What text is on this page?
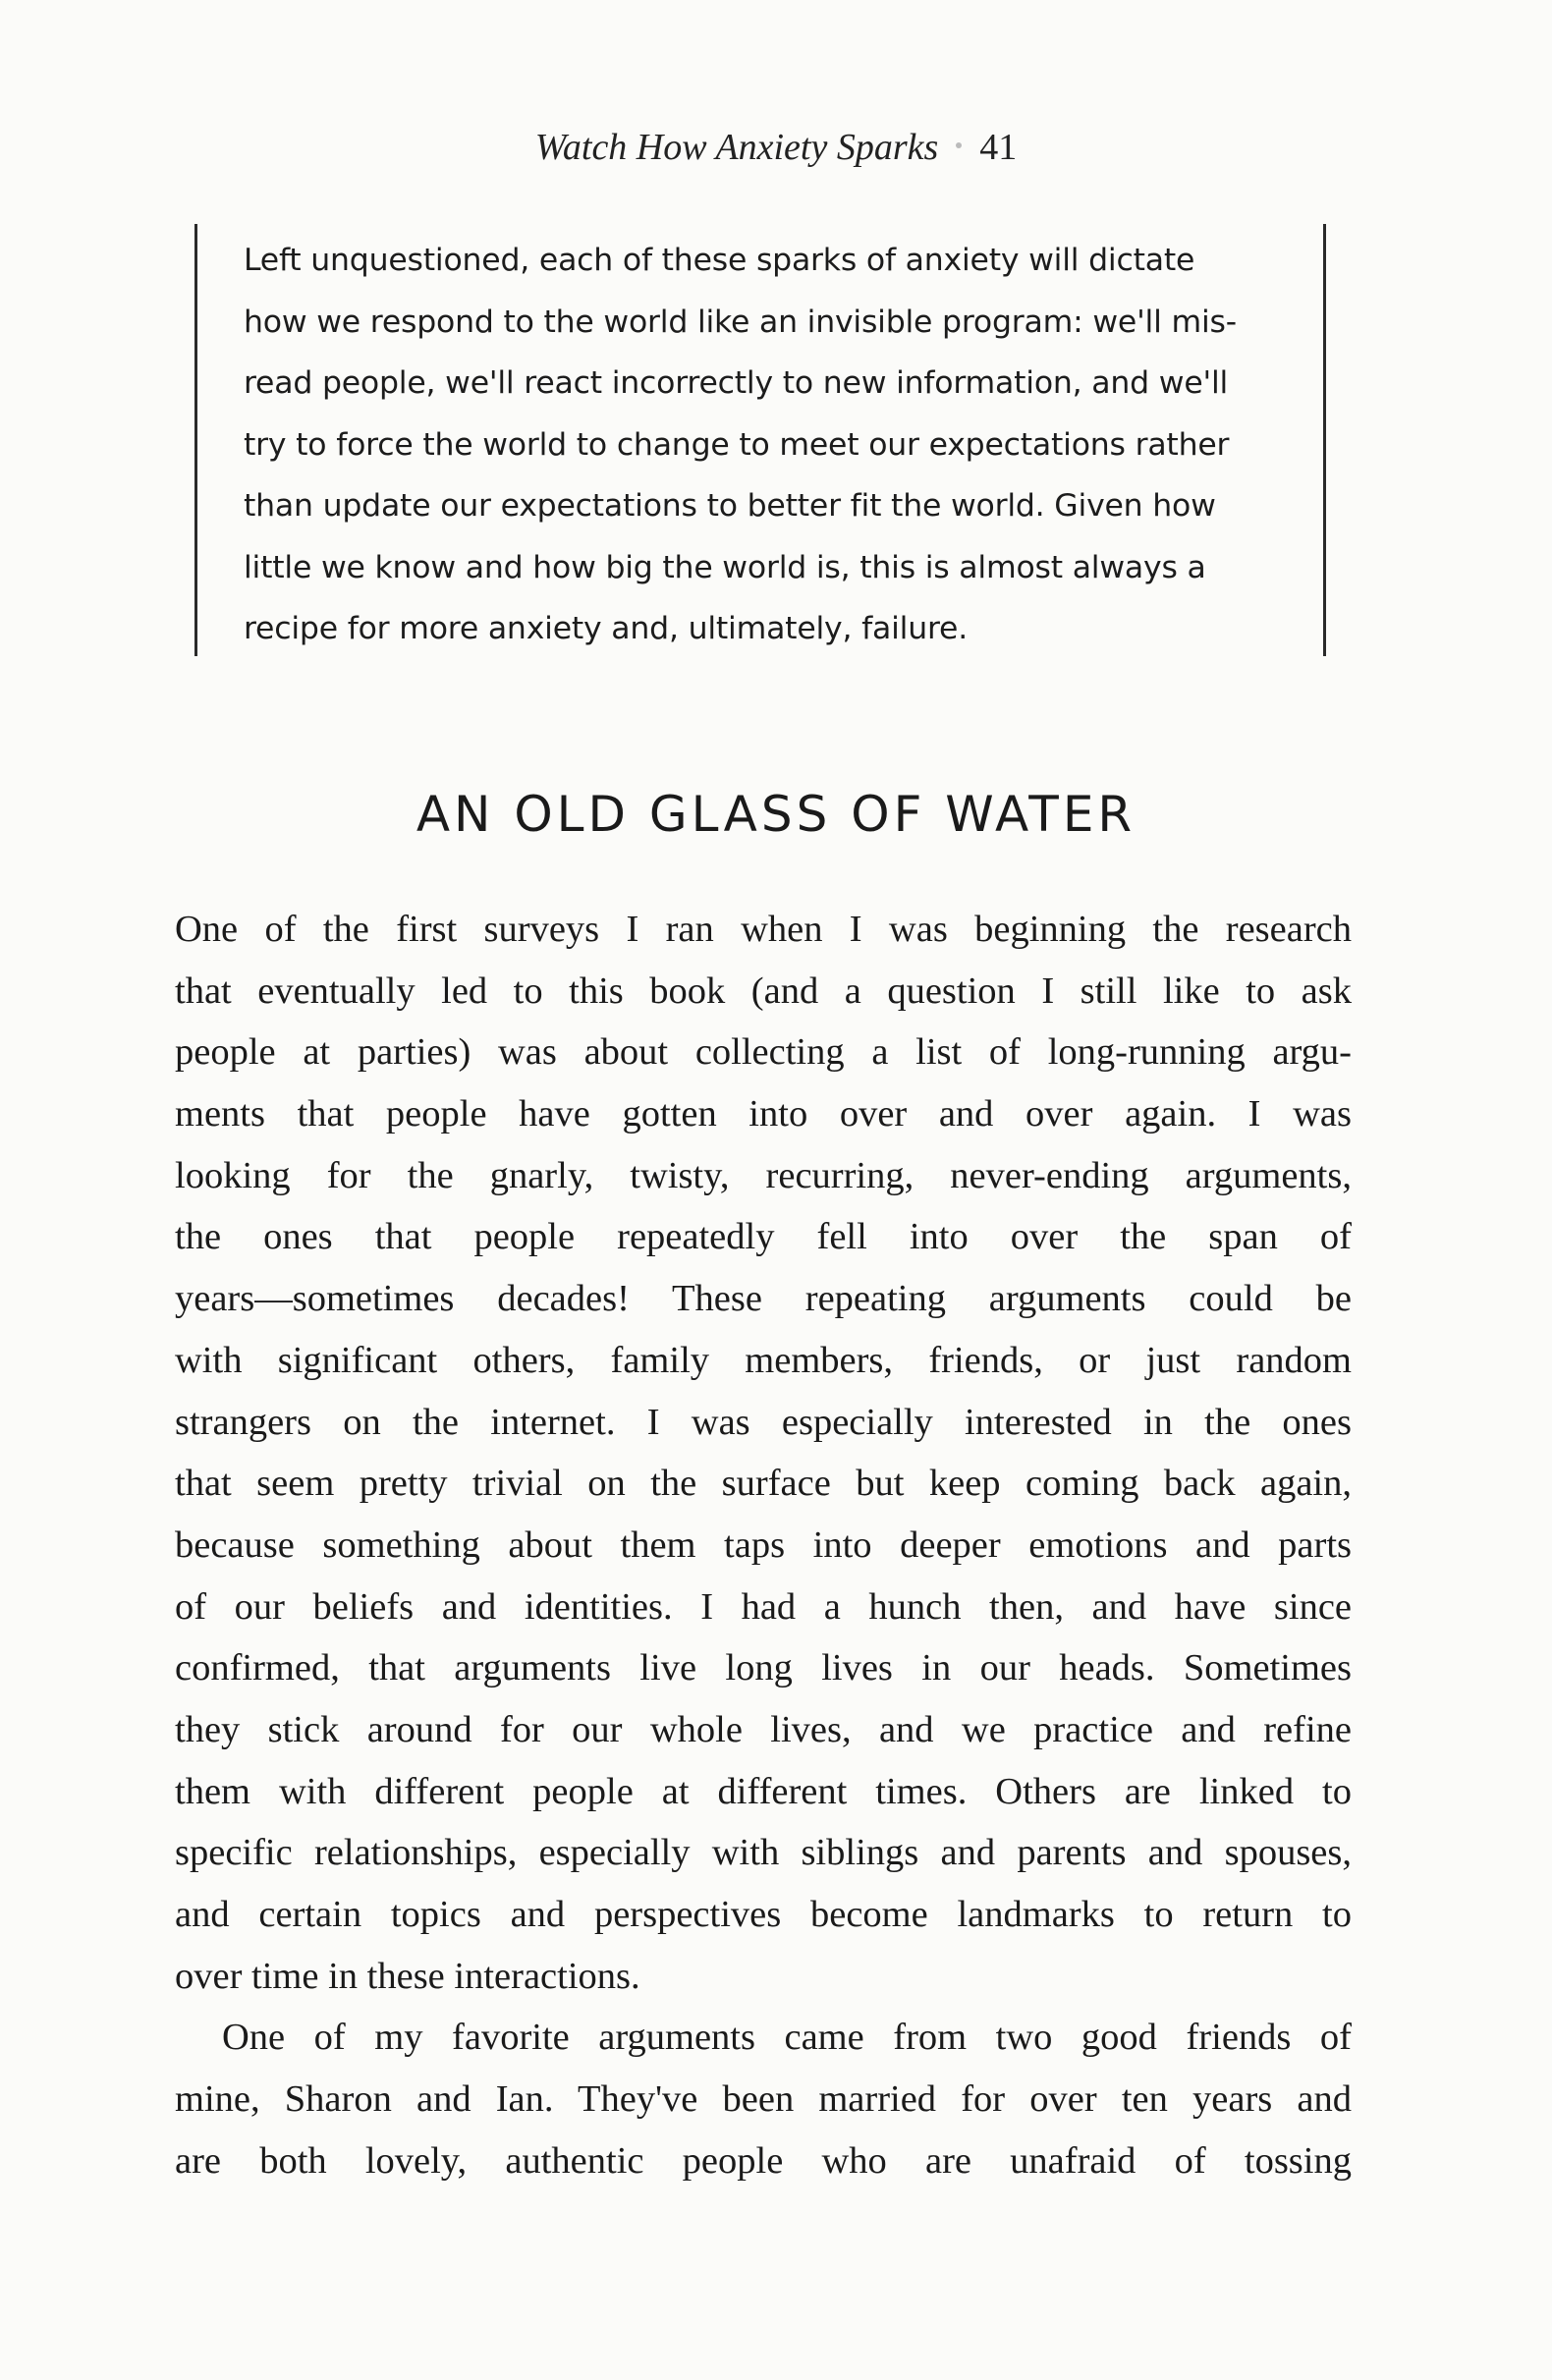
Watch How Anxiety Sparks 41
Left unquestioned, each of these sparks of anxiety will dictate
how we respond to the world like an invisible program: we'll mis-
read people, we'll react incorrectly to new information, and we'll
try to force the world to change to meet our expectations rather
than update our expectations to better fit the world. Given how
little we know and how big the world is, this is almost always a
recipe for more anxiety and, ultimately, failure.
AN OLD GLASS OF WATER
One of the first surveys I ran when I was beginning the research
that eventually led to this book (and a question I still like to ask
people at parties) was about collecting a list of long-running argu-
ments that people have gotten into over and over again. I was
looking for the gnarly, twisty, recurring, never-ending arguments,
the ones that people repeatedly fell into over the span of
years—sometimes decades! These repeating arguments could be
with significant others, family members, friends, or just random
strangers on the internet. I was especially interested in the ones
that seem pretty trivial on the surface but keep coming back again,
because something about them taps into deeper emotions and parts
of our beliefs and identities. I had a hunch then, and have since
confirmed, that arguments live long lives in our heads. Sometimes
they stick around for our whole lives, and we practice and refine
them with different people at different times. Others are linked to
specific relationships, especially with siblings and parents and spouses,
and certain topics and perspectives become landmarks to return to
over time in these interactions.
One of my favorite arguments came from two good friends of
mine, Sharon and Ian. They've been married for over ten years and
are both lovely, authentic people who are unafraid of tossing
